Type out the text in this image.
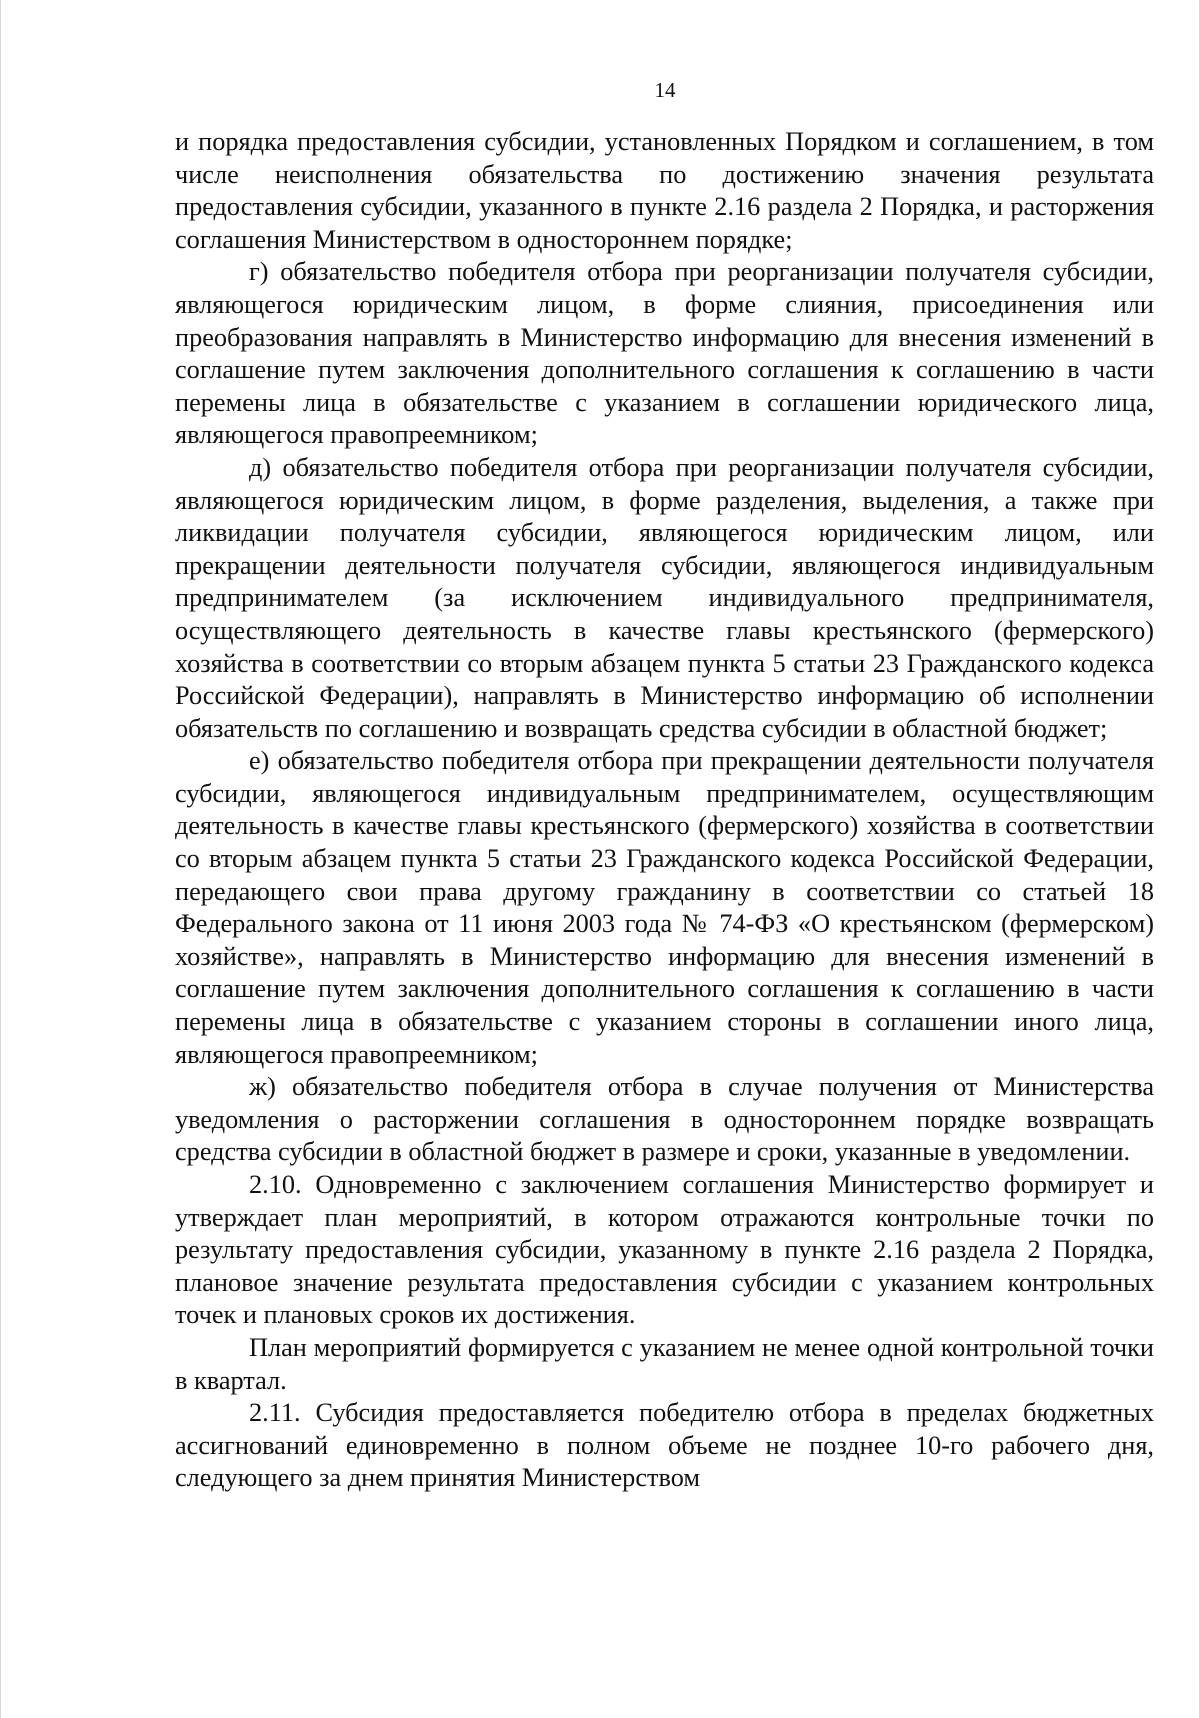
14

и порядка предоставления субсидии, установленных Порядком и соглашением, в том числе неисполнения обязательства по достижению значения результата предоставления субсидии, указанного в пункте 2.16 раздела 2 Порядка, и расторжения соглашения Министерством в одностороннем порядке;

г) обязательство победителя отбора при реорганизации получателя субсидии, являющегося юридическим лицом, в форме слияния, присоединения или преобразования направлять в Министерство информацию для внесения изменений в соглашение путем заключения дополнительного соглашения к соглашению в части перемены лица в обязательстве с указанием в соглашении юридического лица, являющегося правопреемником;

д) обязательство победителя отбора при реорганизации получателя субсидии, являющегося юридическим лицом, в форме разделения, выделения, а также при ликвидации получателя субсидии, являющегося юридическим лицом, или прекращении деятельности получателя субсидии, являющегося индивидуальным предпринимателем (за исключением индивидуального предпринимателя, осуществляющего деятельность в качестве главы крестьянского (фермерского) хозяйства в соответствии со вторым абзацем пункта 5 статьи 23 Гражданского кодекса Российской Федерации), направлять в Министерство информацию об исполнении обязательств по соглашению и возвращать средства субсидии в областной бюджет;

е) обязательство победителя отбора при прекращении деятельности получателя субсидии, являющегося индивидуальным предпринимателем, осуществляющим деятельность в качестве главы крестьянского (фермерского) хозяйства в соответствии со вторым абзацем пункта 5 статьи 23 Гражданского кодекса Российской Федерации, передающего свои права другому гражданину в соответствии со статьей 18 Федерального закона от 11 июня 2003 года № 74-ФЗ «О крестьянском (фермерском) хозяйстве», направлять в Министерство информацию для внесения изменений в соглашение путем заключения дополнительного соглашения к соглашению в части перемены лица в обязательстве с указанием стороны в соглашении иного лица, являющегося правопреемником;

ж) обязательство победителя отбора в случае получения от Министерства уведомления о расторжении соглашения в одностороннем порядке возвращать средства субсидии в областной бюджет в размере и сроки, указанные в уведомлении.

2.10. Одновременно с заключением соглашения Министерство формирует и утверждает план мероприятий, в котором отражаются контрольные точки по результату предоставления субсидии, указанному в пункте 2.16 раздела 2 Порядка, плановое значение результата предоставления субсидии с указанием контрольных точек и плановых сроков их достижения.

План мероприятий формируется с указанием не менее одной контрольной точки в квартал.

2.11. Субсидия предоставляется победителю отбора в пределах бюджетных ассигнований единовременно в полном объеме не позднее 10-го рабочего дня, следующего за днем принятия Министерством
